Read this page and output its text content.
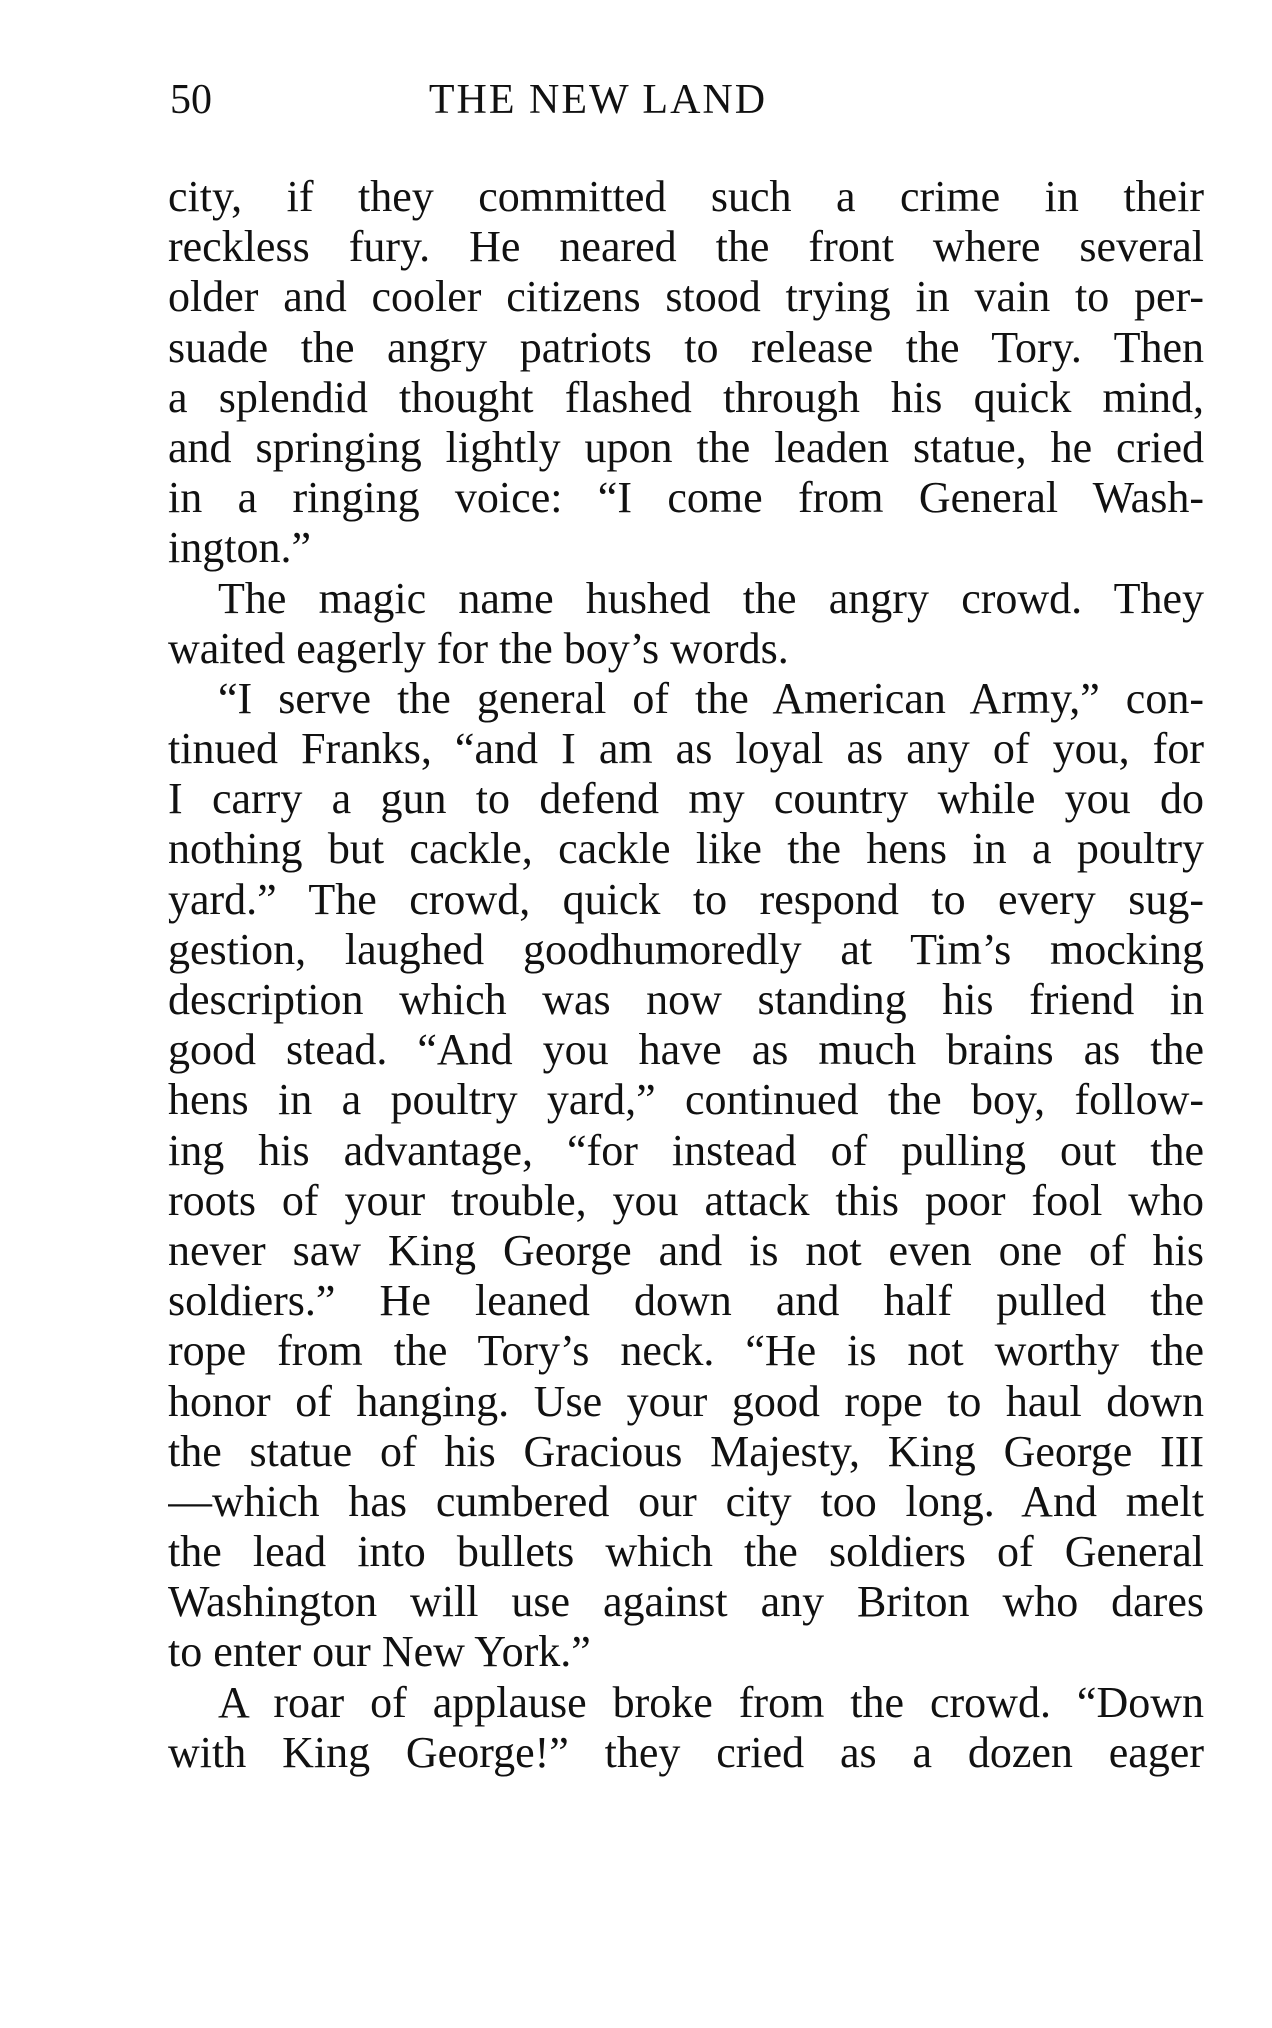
50	THE NEW LAND
city, if they committed such a crime in their
reckless fury. He neared the front where several
older and cooler citizens stood trying in vain to per-
suade the angry patriots to release the Tory. Then
a splendid thought flashed through his quick mind,
and springing lightly upon the leaden statue, he cried
in a ringing voice: “I come from General Wash-
ington.”
The magic name hushed the angry crowd. They
waited eagerly for the boy’s words.
“I serve the general of the American Army,” con-
tinued Franks, “and I am as loyal as any of you, for
I carry a gun to defend my country while you do
nothing but cackle, cackle like the hens in a poultry
yard.” The crowd, quick to respond to every sug-
gestion, laughed goodhumoredly at Tim’s mocking
description which was now standing his friend in
good stead. “And you have as much brains as the
hens in a poultry yard,” continued the boy, follow-
ing his advantage, “for instead of pulling out the
roots of your trouble, you attack this poor fool who
never saw King George and is not even one of his
soldiers.” He leaned down and half pulled the
rope from the Tory’s neck. “He is not worthy the
honor of hanging. Use your good rope to haul down
the statue of his Gracious Majesty, King George III
—which has cumbered our city too long. And melt
the lead into bullets which the soldiers of General
Washington will use against any Briton who dares
to enter our New York.”
A roar of applause broke from the crowd. “Down
with King George!” they cried as a dozen eager
